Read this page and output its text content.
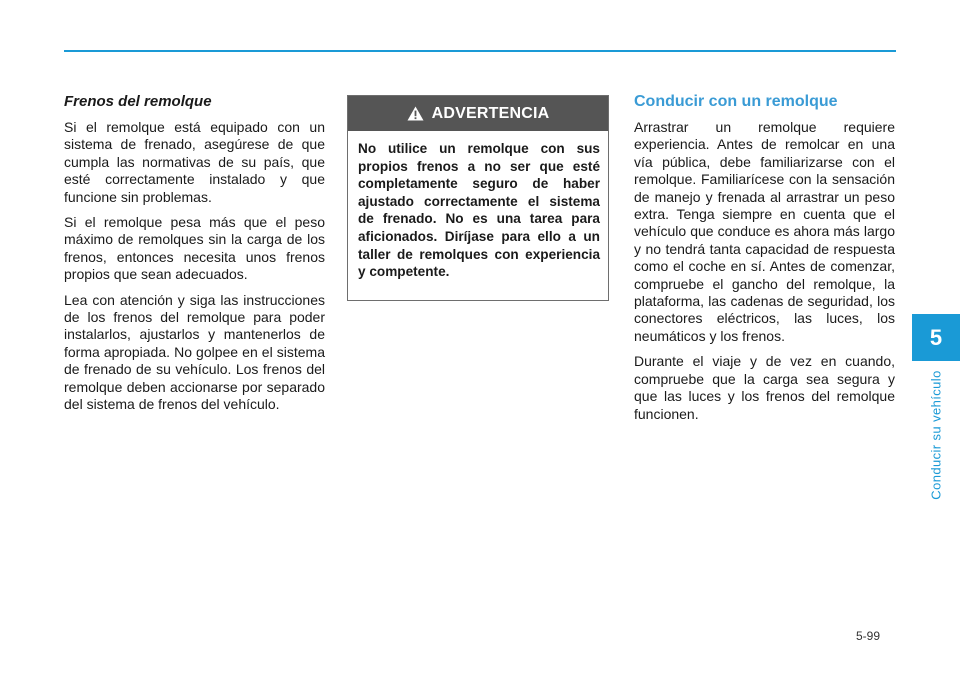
Frenos del remolque

Si el remolque está equipado con un sistema de frenado, asegúrese de que cumpla las normativas de su país, que esté correctamente instalado y que funcione sin problemas.

Si el remolque pesa más que el peso máximo de remolques sin la carga de los frenos, entonces necesita unos frenos propios que sean adecuados.

Lea con atención y siga las instrucciones de los frenos del remolque para poder instalarlos, ajustarlos y mantenerlos de forma apropiada. No golpee en el sistema de frenado de su vehículo. Los frenos del remolque deben accionarse por separado del sistema de frenos del vehículo.

ADVERTENCIA

No utilice un remolque con sus propios frenos a no ser que esté completamente seguro de haber ajustado correctamente el sistema de frenado. No es una tarea para aficionados. Diríjase para ello a un taller de remolques con experiencia y competente.

Conducir con un remolque

Arrastrar un remolque requiere experiencia. Antes de remolcar en una vía pública, debe familiarizarse con el remolque. Familiarícese con la sensación de manejo y frenada al arrastrar un peso extra. Tenga siempre en cuenta que el vehículo que conduce es ahora más largo y no tendrá tanta capacidad de respuesta como el coche en sí. Antes de comenzar, compruebe el gancho del remolque, la plataforma, las cadenas de seguridad, los conectores eléctricos, las luces, los neumáticos y los frenos.

Durante el viaje y de vez en cuando, compruebe que la carga sea segura y que las luces y los frenos del remolque funcionen.

5
Conducir su vehículo
5-99
